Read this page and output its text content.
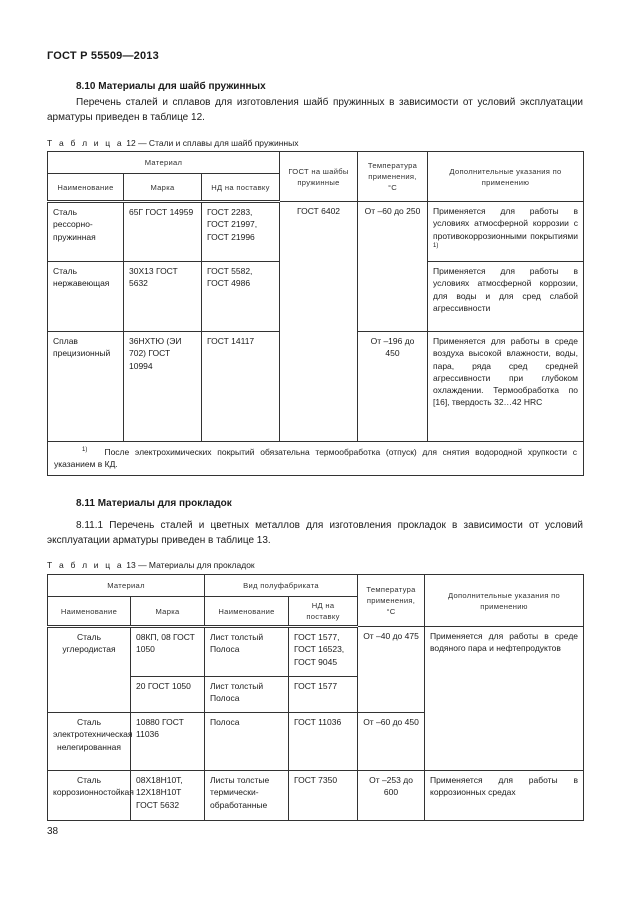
ГОСТ Р 55509—2013
8.10 Материалы для шайб пружинных
Перечень сталей и сплавов для изготовления шайб пружинных в зависимости от условий эксплуатации арматуры приведен в таблице 12.
Т а б л и ц а 12 — Стали и сплавы для шайб пружинных
Материал			ГОСТ на шайбы пружинные	Температура применения, °С	Дополнительные указания по применению
Наименование	Марка	НД на поставку			
Сталь рессорно-пружинная	65Г ГОСТ 14959	ГОСТ 2283, ГОСТ 21997, ГОСТ 21996	ГОСТ 6402	От –60 до 250	Применяется для работы в условиях атмосферной коррозии с противокоррозионными покрытиями $^{1)}$
Сталь нержавеющая	30Х13 ГОСТ 5632	ГОСТ 5582, ГОСТ 4986			Применяется для работы в условиях атмосферной коррозии, для воды и для сред слабой агрессивности
Сплав прецизионный	36НХТЮ (ЭИ 702) ГОСТ 10994	ГОСТ 14117		От –196 до 450	Применяется для работы в среде воздуха высокой влажности, воды, пара, ряда сред средней агрессивности при глубоком охлаждении. Термообработка по [16], твердость 32…42 HRC
$^{1)}$ После электрохимических покрытий обязательна термообработка (отпуск) для снятия водородной хрупкости с указанием в КД.					
8.11 Материалы для прокладок
8.11.1 Перечень сталей и цветных металлов для изготовления прокладок в зависимости от условий эксплуатации арматуры приведен в таблице 13.
Т а б л и ц а 13 — Материалы для прокладок
Материал		Вид полуфабриката		Температура применения, °С	Дополнительные указания по применению
Наименование	Марка	Наименование	НД на поставку		
Сталь углеродистая	08КП, 08 ГОСТ 1050	Лист толстый Полоса	ГОСТ 1577, ГОСТ 16523, ГОСТ 9045	От –40 до 475	Применяется для работы в среде водяного пара и нефтепродуктов
	20 ГОСТ 1050	Лист толстый Полоса	ГОСТ 1577		
Сталь электротехническая нелегированная	10880 ГОСТ 11036	Полоса	ГОСТ 11036	От –60 до 450	
Сталь коррозионностойкая	08Х18Н10Т, 12Х18Н10Т ГОСТ 5632	Листы толстые термически-обработанные	ГОСТ 7350	От –253 до 600	Применяется для работы в коррозионных средах
38
